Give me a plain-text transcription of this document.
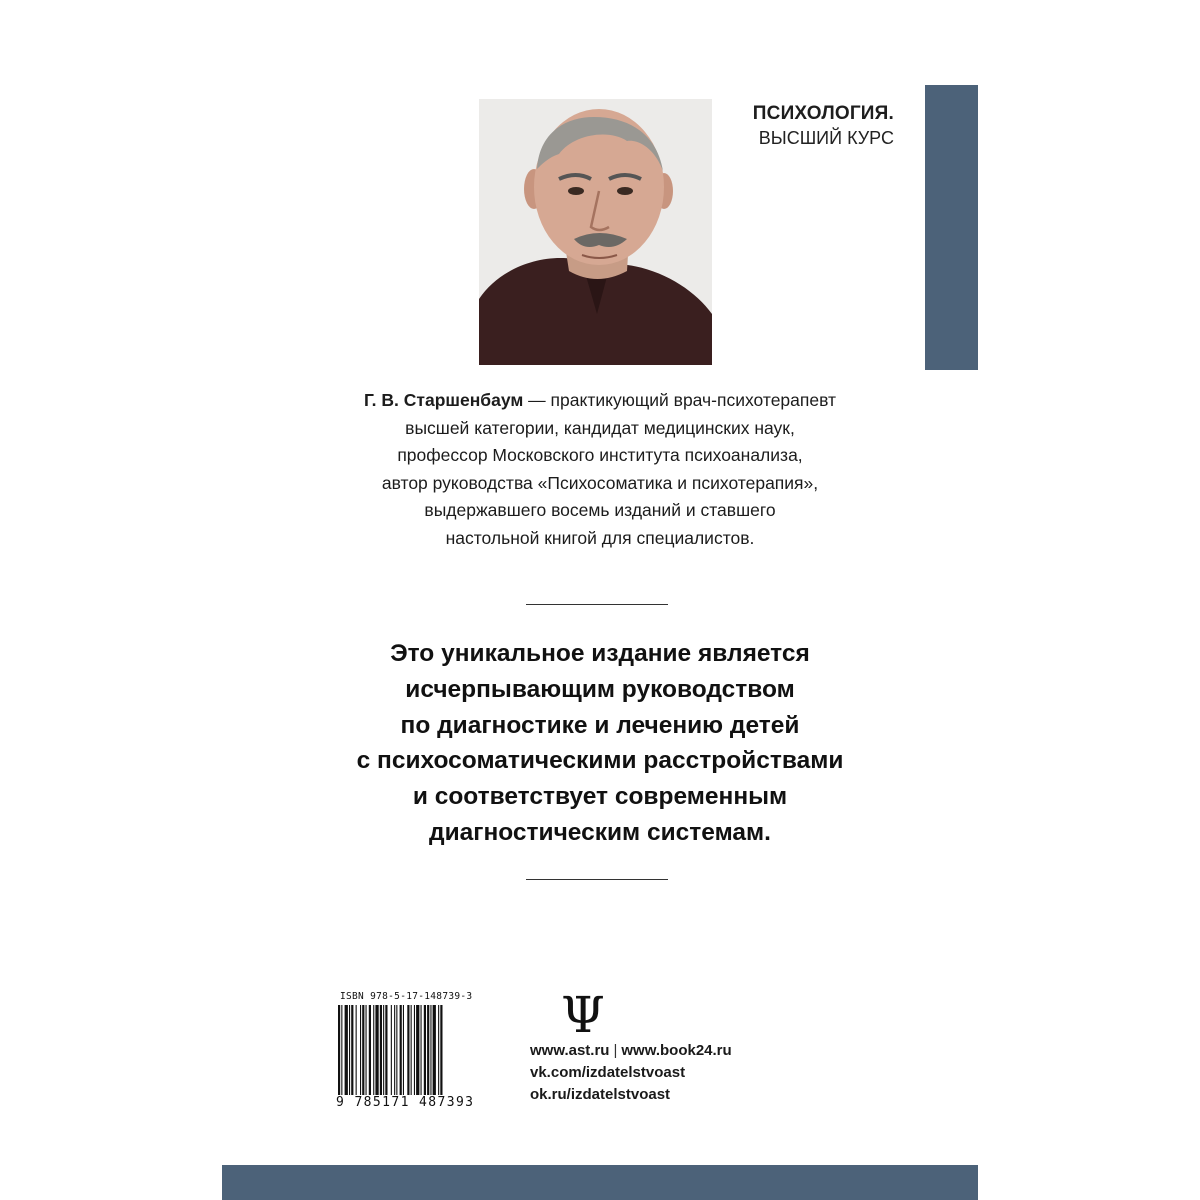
ПСИХОЛОГИЯ.
ВЫСШИЙ КУРС
Г. В. Старшенбаум — практикующий врач-психотерапевт
высшей категории, кандидат медицинских наук,
профессор Московского института психоанализа,
автор руководства «Психосоматика и психотерапия»,
выдержавшего восемь изданий и ставшего
настольной книгой для специалистов.
Это уникальное издание является
исчерпывающим руководством
по диагностике и лечению детей
с психосоматическими расстройствами
и соответствует современным
диагностическим системам.
ISBN 978-5-17-148739-3
9 785171 487393
Ψ
www.ast.ru | www.book24.ru
vk.com/izdatelstvoast
ok.ru/izdatelstvoast
